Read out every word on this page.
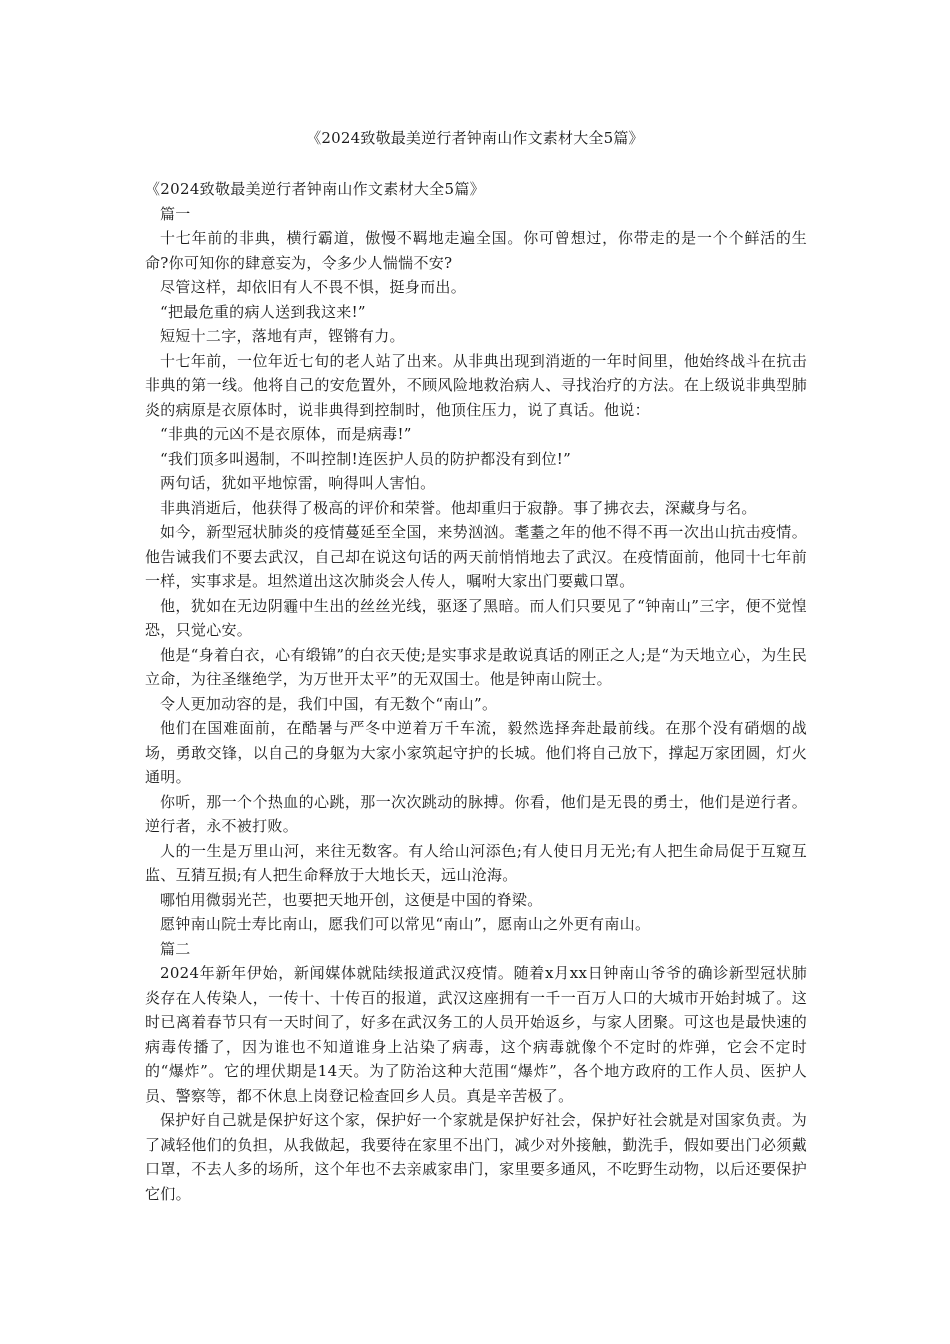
《2024致敬最美逆行者钟南山作文素材大全5篇》

《2024致敬最美逆行者钟南山作文素材大全5篇》

篇一

十七年前的非典，横行霸道，傲慢不羁地走遍全国。你可曾想过，你带走的是一个个鲜活的生命?你可知你的肆意妄为，令多少人惴惴不安?

尽管这样，却依旧有人不畏不惧，挺身而出。

“把最危重的病人送到我这来!”

短短十二字，落地有声，铿锵有力。

十七年前，一位年近七旬的老人站了出来。从非典出现到消逝的一年时间里，他始终战斗在抗击非典的第一线。他将自己的安危置外，不顾风险地救治病人、寻找治疗的方法。在上级说非典型肺炎的病原是衣原体时，说非典得到控制时，他顶住压力，说了真话。他说：

“非典的元凶不是衣原体，而是病毒!”

“我们顶多叫遏制，不叫控制!连医护人员的防护都没有到位!”

两句话，犹如平地惊雷，响得叫人害怕。

非典消逝后，他获得了极高的评价和荣誉。他却重归于寂静。事了拂衣去，深藏身与名。

如今，新型冠状肺炎的疫情蔓延至全国，来势汹汹。耄耋之年的他不得不再一次出山抗击疫情。他告诫我们不要去武汉，自己却在说这句话的两天前悄悄地去了武汉。在疫情面前，他同十七年前一样，实事求是。坦然道出这次肺炎会人传人，嘱咐大家出门要戴口罩。

他，犹如在无边阴霾中生出的丝丝光线，驱逐了黑暗。而人们只要见了“钟南山”三字，便不觉惶恐，只觉心安。

他是“身着白衣，心有缎锦”的白衣天使;是实事求是敢说真话的刚正之人;是“为天地立心，为生民立命，为往圣继绝学，为万世开太平”的无双国士。他是钟南山院士。

令人更加动容的是，我们中国，有无数个“南山”。

他们在国难面前，在酷暑与严冬中逆着万千车流，毅然选择奔赴最前线。在那个没有硝烟的战场，勇敢交锋，以自己的身躯为大家小家筑起守护的长城。他们将自己放下，撑起万家团圆，灯火通明。

你听，那一个个热血的心跳，那一次次跳动的脉搏。你看，他们是无畏的勇士，他们是逆行者。逆行者，永不被打败。

人的一生是万里山河，来往无数客。有人给山河添色;有人使日月无光;有人把生命局促于互窥互监、互猜互损;有人把生命释放于大地长天，远山沧海。

哪怕用微弱光芒，也要把天地开创，这便是中国的脊梁。

愿钟南山院士寿比南山，愿我们可以常见“南山”，愿南山之外更有南山。

篇二

2024年新年伊始，新闻媒体就陆续报道武汉疫情。随着x月xx日钟南山爷爷的确诊新型冠状肺炎存在人传染人，一传十、十传百的报道，武汉这座拥有一千一百万人口的大城市开始封城了。这时已离着春节只有一天时间了，好多在武汉务工的人员开始返乡，与家人团聚。可这也是最快速的病毒传播了，因为谁也不知道谁身上沾染了病毒，这个病毒就像个不定时的炸弹，它会不定时的“爆炸”。它的埋伏期是14天。为了防治这种大范围“爆炸”，各个地方政府的工作人员、医护人员、警察等，都不休息上岗登记检查回乡人员。真是辛苦极了。

保护好自己就是保护好这个家，保护好一个家就是保护好社会，保护好社会就是对国家负责。为了减轻他们的负担，从我做起，我要待在家里不出门，减少对外接触，勤洗手，假如要出门必须戴口罩，不去人多的场所，这个年也不去亲戚家串门，家里要多通风，不吃野生动物，以后还要保护它们。
